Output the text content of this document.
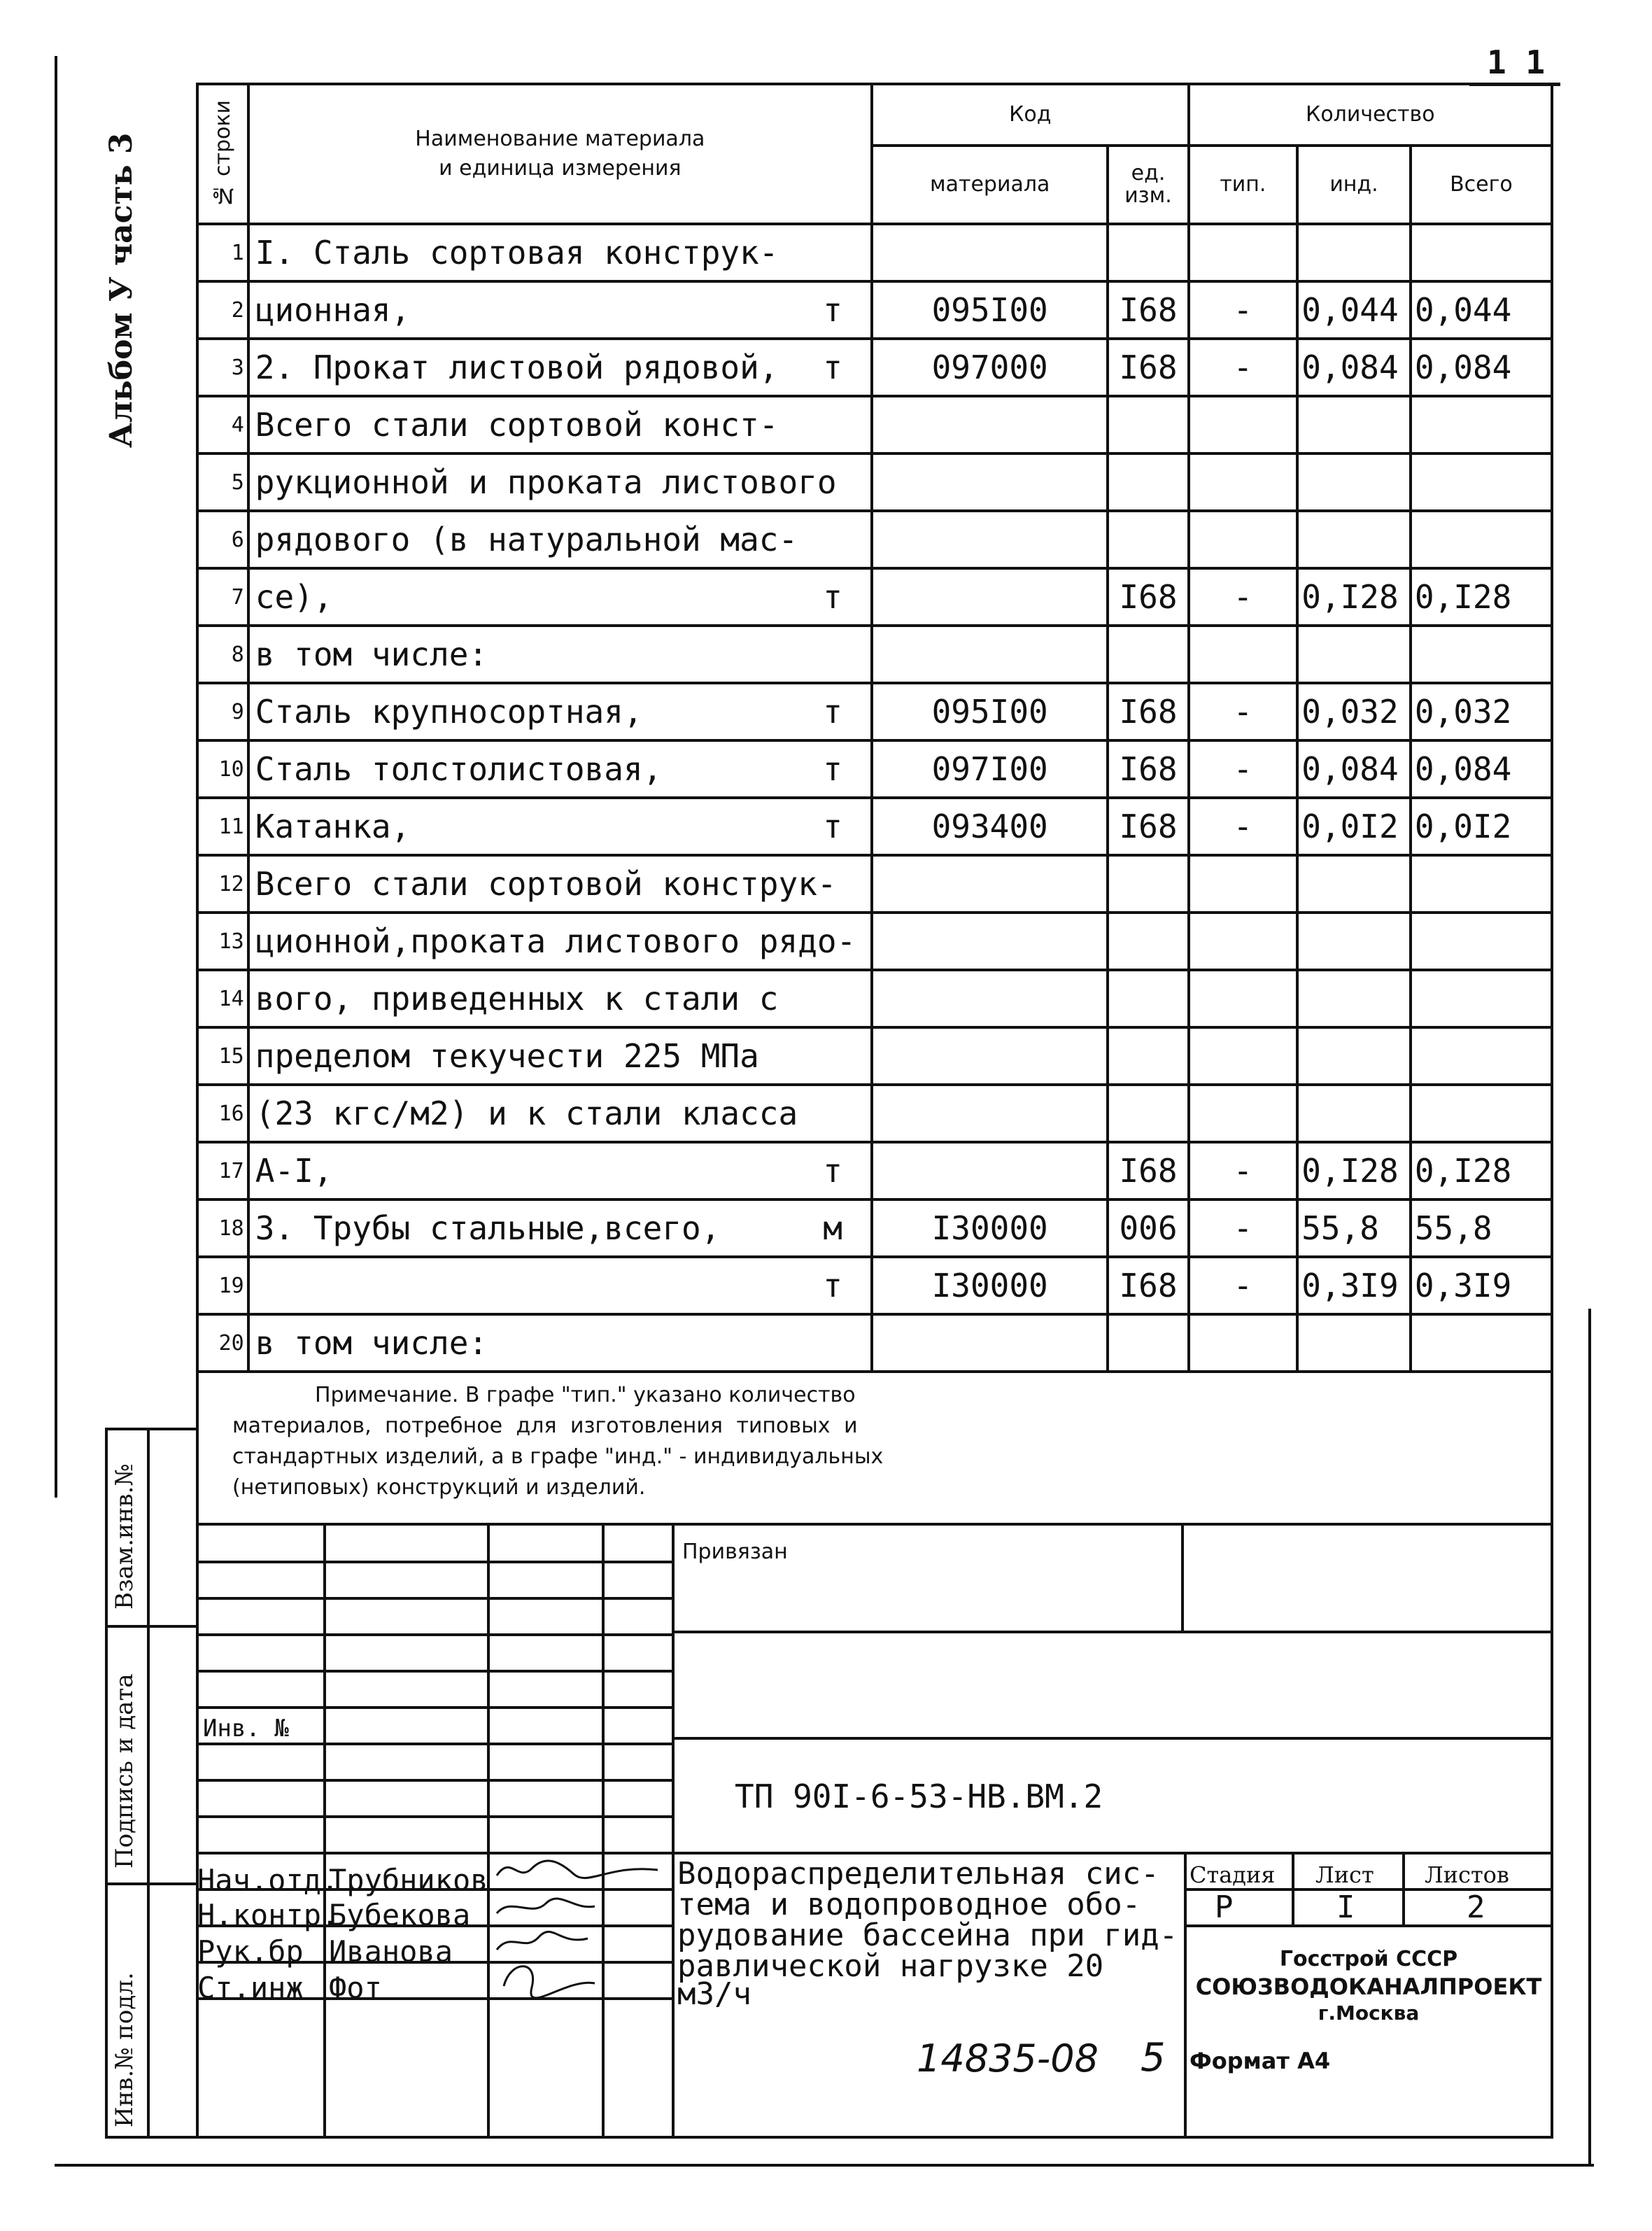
1 1
Альбом У часть 3	№ строки	Наименование материала
и единица измерения	Код		Количество		
		материала	ед.
изм.	тип.	инд.	Всего
1	I. Сталь сортовая конструк-

2	ционная, т	095I00	I68	-	0,044	0,044
3	2. Прокат листовой рядовой, т	097000	I68	-	0,084	0,084
4	Всего стали сортовой конст-

5	рукционной и проката листового

6	рядового (в натуральной мас-

7	се), т		I68	-	0,I28	0,I28
8	в том числе:

9	Сталь крупносортная, т	095I00	I68	-	0,032	0,032
10	Сталь толстолистовая, т	097I00	I68	-	0,084	0,084
11	Катанка, т	093400	I68	-	0,0I2	0,0I2
12	Всего стали сортовой конструк-

13	ционной,проката листового рядо-

14	вого, приведенных к стали с

15	пределом текучести 225 МПа

16	(23 кгс/м2) и к стали класса

17	А-I, т		I68	-	0,I28	0,I28
18	3. Трубы стальные,всего, м	I30000	006	-	55,8	55,8
19	т	I30000	I68	-	0,3I9	0,3I9
20	в том числе:

Примечание. В графе "тип." указано количество
материалов, потребное для изготовления типовых и
стандартных изделий, а в графе "инд." - индивидуальных
(нетиповых) конструкций и изделий.
Взам.инв.№
Подпись и дата
Инв.№ подл.
Привязан
Инв. №
ТП 90I-6-53-НВ.ВМ.2
Нач.отд.
Трубников
Н.контр.
Бубекова
Рук.бр Иванова
Ст.инж Фот
Водораспределительная сис-
тема и водопроводное обо-
рудование бассейна при гид-
равлической нагрузке 20
м3/ч
Стадия Лист Листов
Р	I	2
Госстрой СССР
СОЮЗВОДОКАНАЛПРОЕКТ
г.Москва
14835-08 5 Формат А4
